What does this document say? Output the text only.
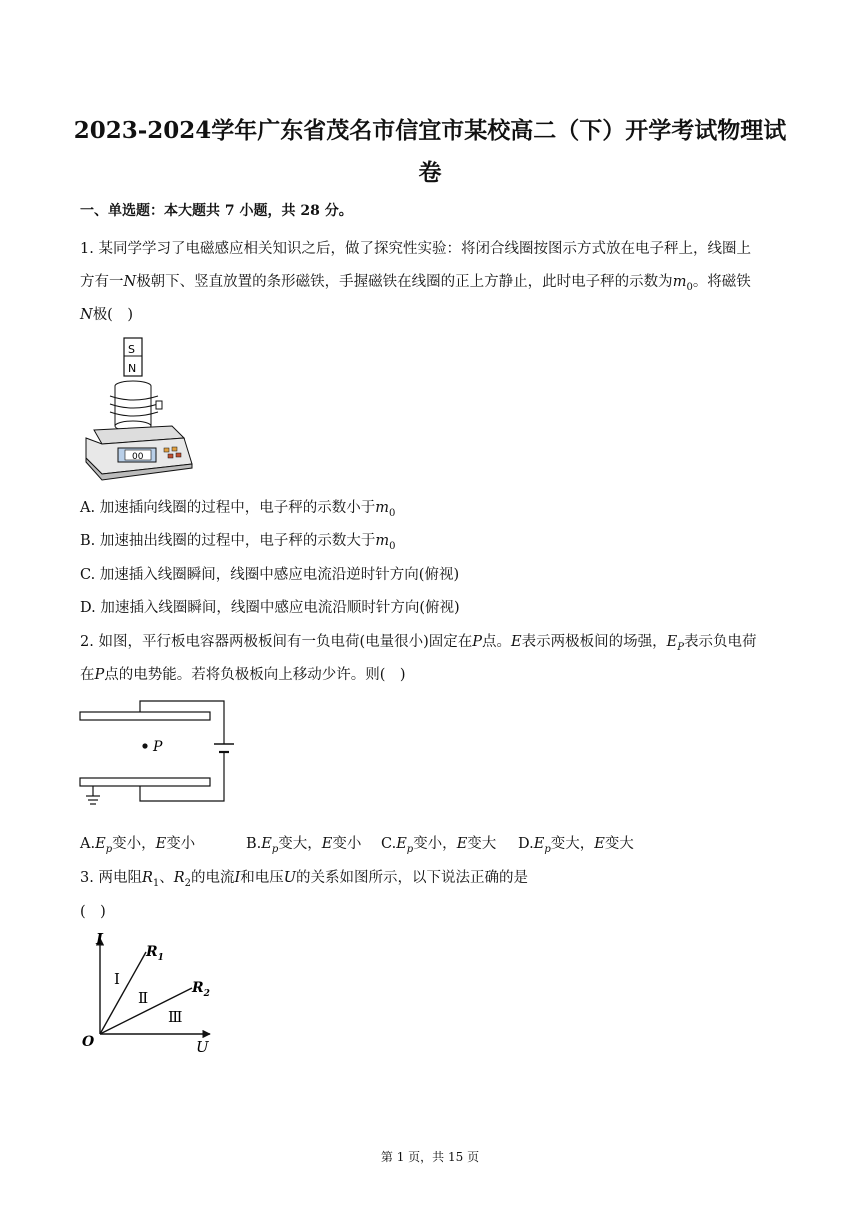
2023-2024学年广东省茂名市信宜市某校高二（下）开学考试物理试
卷
一、单选题：本大题共 7 小题，共 28 分。
1. 某同学学习了电磁感应相关知识之后，做了探究性实验：将闭合线圈按图示方式放在电子秤上，线圈上
方有一N极朝下、竖直放置的条形磁铁，手握磁铁在线圈的正上方静止，此时电子秤的示数为$m_0$。将磁铁
N极(　)
S
N
00
A. 加速插向线圈的过程中，电子秤的示数小于$m_0$
B. 加速抽出线圈的过程中，电子秤的示数大于$m_0$
C. 加速插入线圈瞬间，线圈中感应电流沿逆时针方向(俯视)
D. 加速插入线圈瞬间，线圈中感应电流沿顺时针方向(俯视)
2. 如图，平行板电容器两极板间有一负电荷(电量很小)固定在P点。E表示两极板间的场强，$E_P$表示负电荷
在P点的电势能。若将负极板向上移动少许。则(　)
P
$A.E_p$变小，E变小	$B.E_p$变大，E变小 $C.E_p$变小，E变大 $D.E_p$变大，E变大
3. 两电阻$R_1$、$R_2$的电流I和电压U的关系如图所示，以下说法正确的是
(　)
I
$R_1$
$R_2$
Ⅰ
Ⅱ
Ⅲ
O	U
第 1 页，共 15 页
